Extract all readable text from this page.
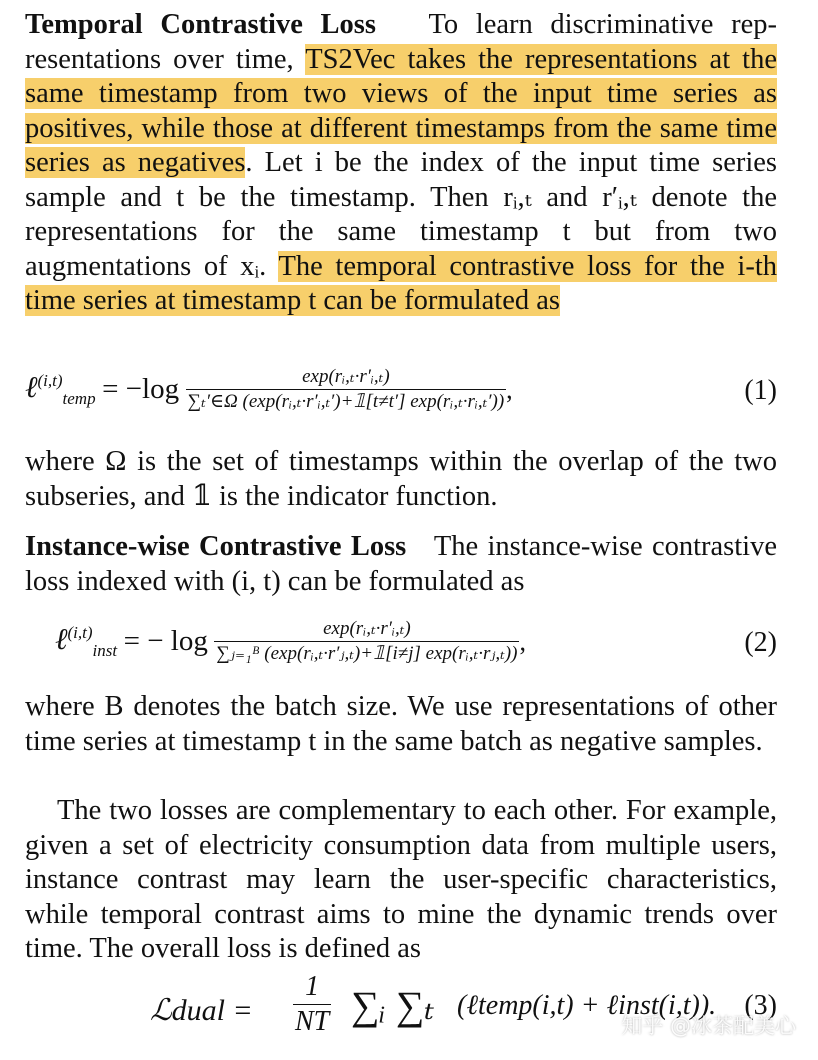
Temporal Contrastive Loss To learn discriminative representations over time, TS2Vec takes the representations at the same timestamp from two views of the input time series as positives, while those at different timestamps from the same time series as negatives. Let i be the index of the input time series sample and t be the timestamp. Then rᵢ,ₜ and r′ᵢ,ₜ denote the representations for the same timestamp t but from two augmentations of xᵢ. The temporal contrastive loss for the i-th time series at timestamp t can be formulated as

ℓ$^{(i,t)}_{temp}$ = $-\log \frac{\text{exp(rᵢ,ₜ·r′ᵢ,ₜ)}}{\text{∑ₜ′∈Ω (exp(rᵢ,ₜ·r′ᵢ,ₜ′)+𝟙[t≠t′] exp(rᵢ,ₜ·rᵢ,ₜ′))}}$ ,	(1)

where Ω is the set of timestamps within the overlap of the two subseries, and 𝟙 is the indicator function.

Instance-wise Contrastive Loss The instance-wise contrastive loss indexed with (i, t) can be formulated as

ℓ$^{(i,t)}_{inst}$ = − $\log \frac{\text{exp(rᵢ,ₜ·r′ᵢ,ₜ)}}{\text{∑ⱼ₌₁ᴮ (exp(rᵢ,ₜ·r′ⱼ,ₜ)+𝟙[i≠j] exp(rᵢ,ₜ·rⱼ,ₜ))}}$ ,	(2)

where B denotes the batch size. We use representations of other time series at timestamp t in the same batch as negative samples.

The two losses are complementary to each other. For example, given a set of electricity consumption data from multiple users, instance contrast may learn the user-specific characteristics, while temporal contrast aims to mine the dynamic trends over time. The overall loss is defined as

ℒdual = $\frac{1}{NT}$ ∑ᵢ ∑ₜ (ℓtemp(i,t) + ℓinst(i,t)). (3)
知乎 @冰茶配美心
